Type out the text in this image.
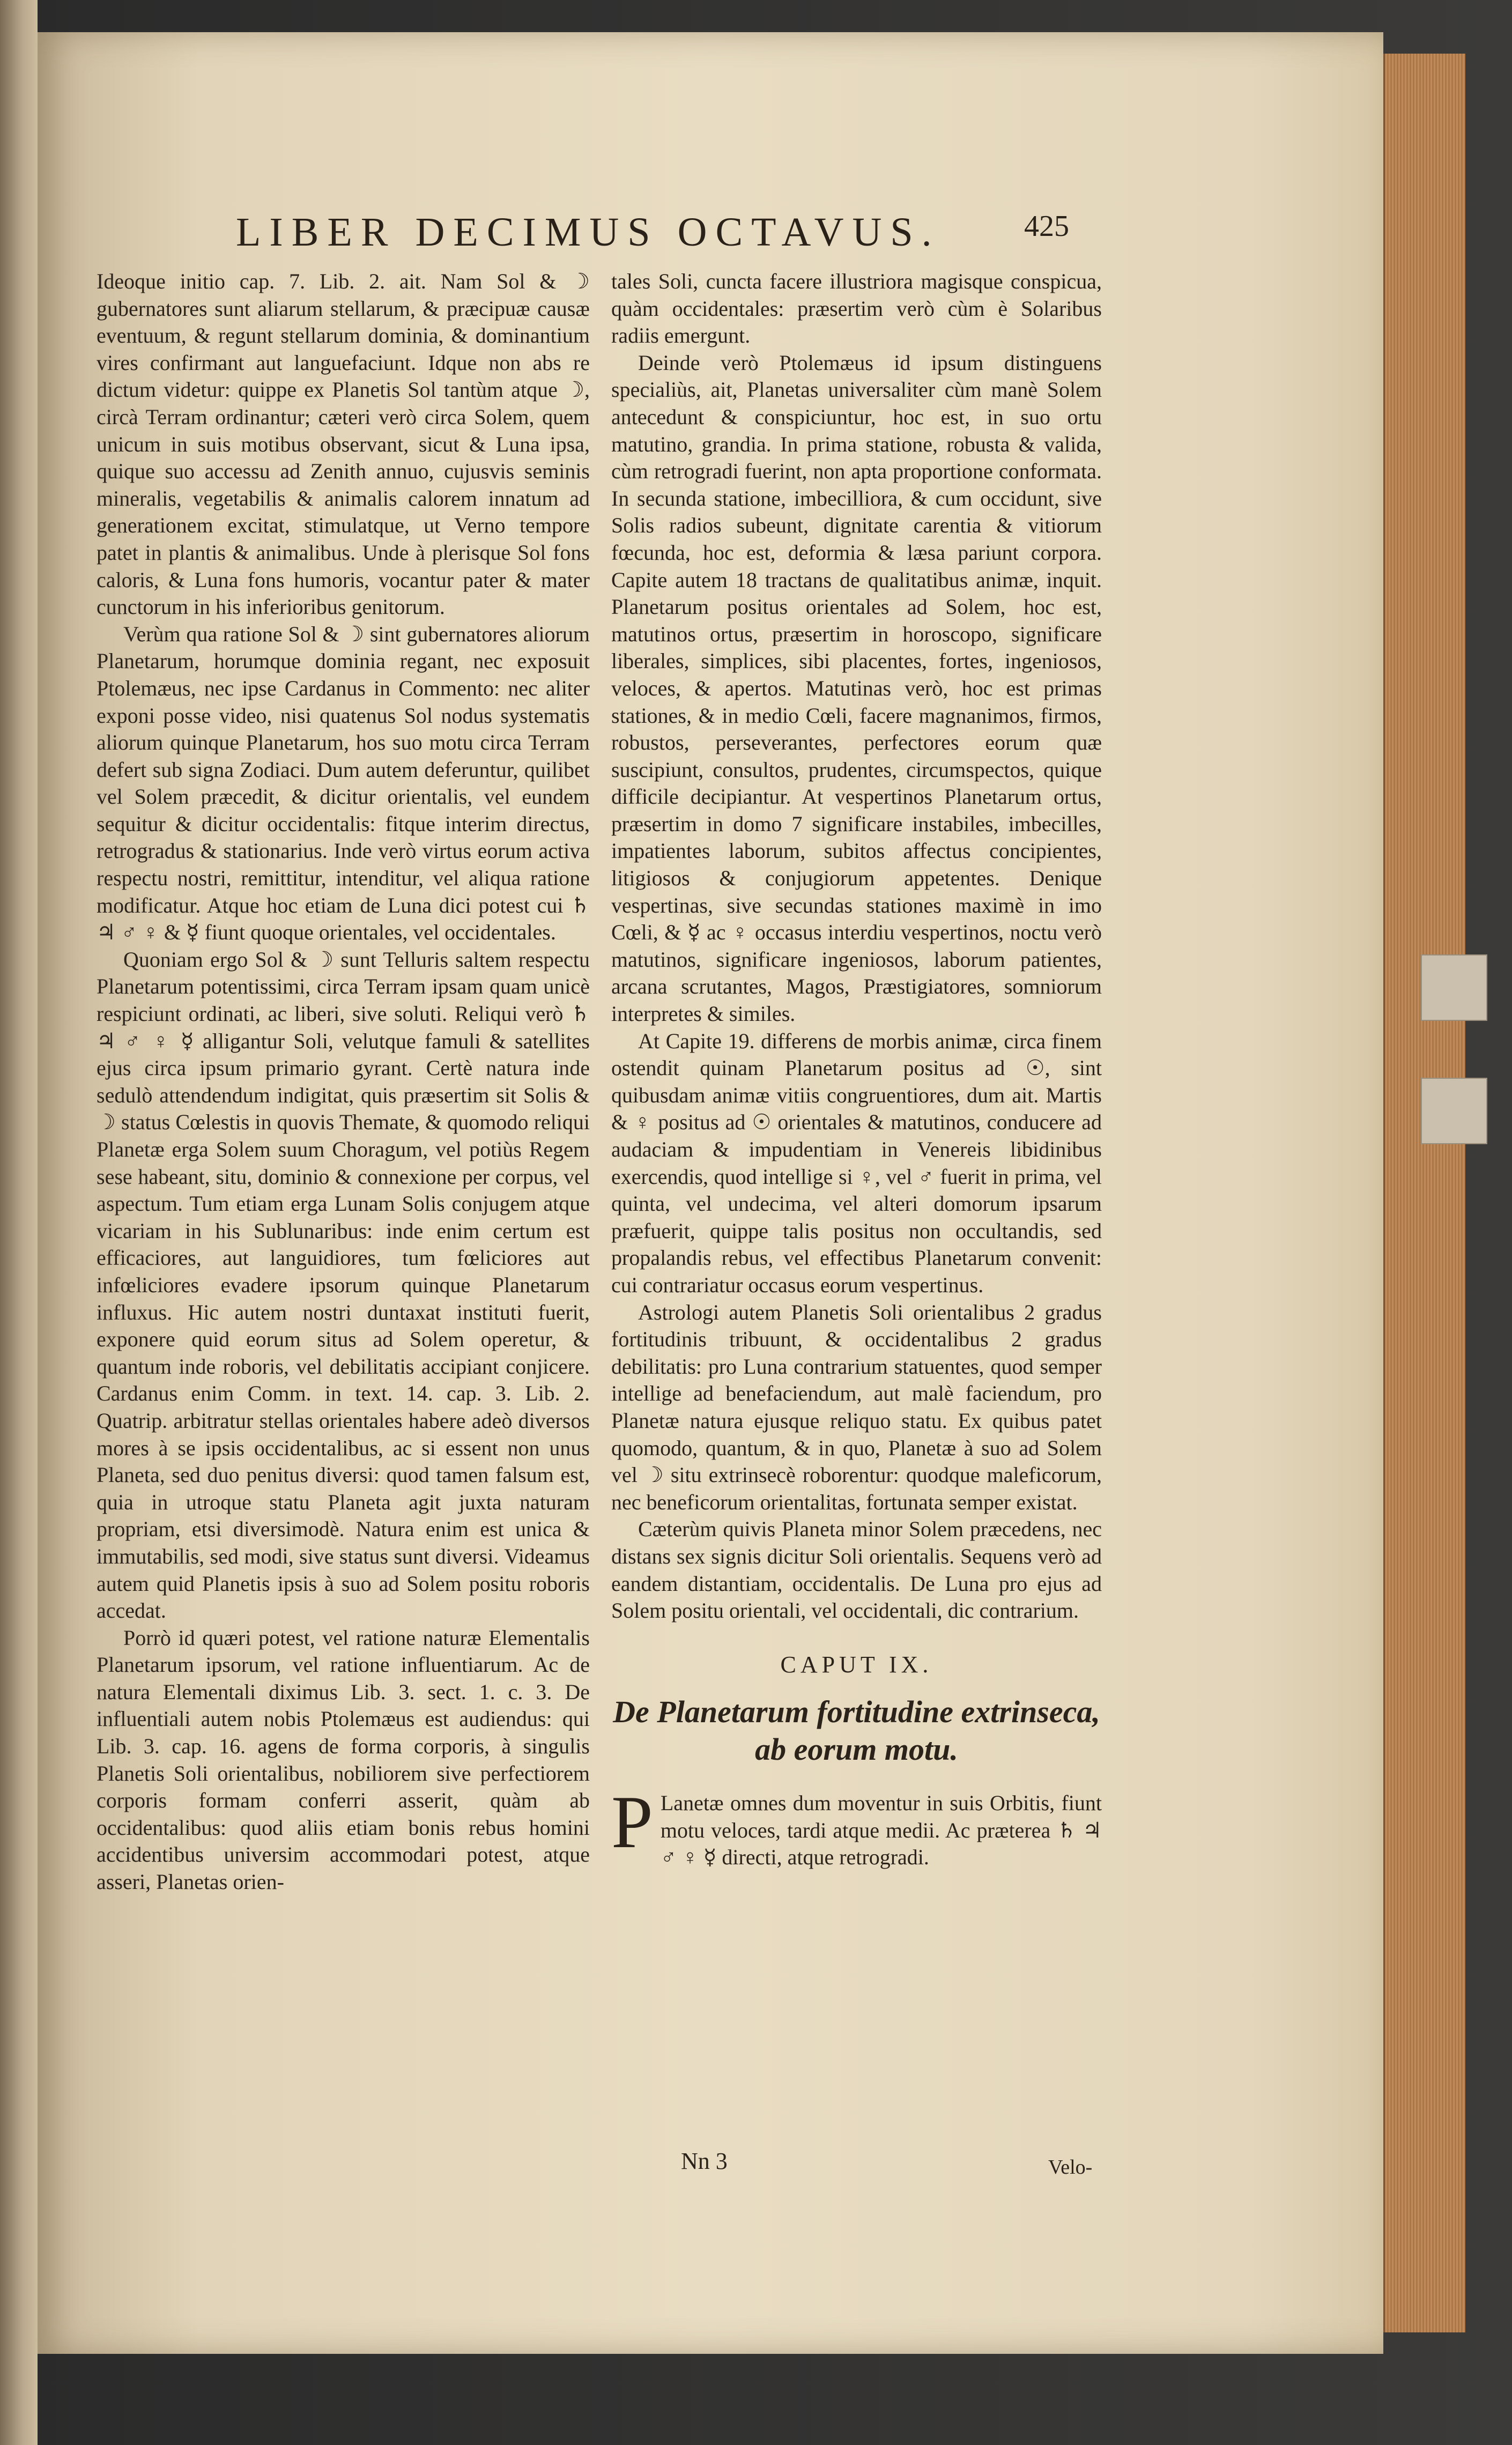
LIBER DECIMUS OCTAVUS.	425

Ideoque initio cap. 7. Lib. 2. ait. Nam Sol & ☽ gubernatores sunt aliarum stellarum, & præcipuæ causæ eventuum, & regunt stellarum dominia, & dominantium vires confirmant aut languefaciunt. Idque non abs re dictum videtur: quippe ex Planetis Sol tantùm atque ☽, circà Terram ordinantur; cæteri verò circa Solem, quem unicum in suis motibus observant, sicut & Luna ipsa, quique suo accessu ad Zenith annuo, cujusvis seminis mineralis, vegetabilis & animalis calorem innatum ad generationem excitat, stimulatque, ut Verno tempore patet in plantis & animalibus. Unde à plerisque Sol fons caloris, & Luna fons humoris, vocantur pater & mater cunctorum in his inferioribus genitorum.

Verùm qua ratione Sol & ☽ sint gubernatores aliorum Planetarum, horumque dominia regant, nec exposuit Ptolemæus, nec ipse Cardanus in Commento: nec aliter exponi posse video, nisi quatenus Sol nodus systematis aliorum quinque Planetarum, hos suo motu circa Terram defert sub signa Zodiaci. Dum autem deferuntur, quilibet vel Solem præcedit, & dicitur orientalis, vel eundem sequitur & dicitur occidentalis: fitque interim directus, retrogradus & stationarius. Inde verò virtus eorum activa respectu nostri, remittitur, intenditur, vel aliqua ratione modificatur. Atque hoc etiam de Luna dici potest cui ♄ ♃ ♂ ♀ & ☿ fiunt quoque orientales, vel occidentales.

Quoniam ergo Sol & ☽ sunt Telluris saltem respectu Planetarum potentissimi, circa Terram ipsam quam unicè respiciunt ordinati, ac liberi, sive soluti. Reliqui verò ♄ ♃ ♂ ♀ ☿ alligantur Soli, velutque famuli & satellites ejus circa ipsum primario gyrant. Certè natura inde sedulò attendendum indigitat, quis præsertim sit Solis & ☽ status Cœlestis in quovis Themate, & quomodo reliqui Planetæ erga Solem suum Choragum, vel potiùs Regem sese habeant, situ, dominio & connexione per corpus, vel aspectum. Tum etiam erga Lunam Solis conjugem atque vicariam in his Sublunaribus: inde enim certum est efficaciores, aut languidiores, tum fœliciores aut infœliciores evadere ipsorum quinque Planetarum influxus. Hic autem nostri duntaxat instituti fuerit, exponere quid eorum situs ad Solem operetur, & quantum inde roboris, vel debilitatis accipiant conjicere. Cardanus enim Comm. in text. 14. cap. 3. Lib. 2. Quatrip. arbitratur stellas orientales habere adeò diversos mores à se ipsis occidentalibus, ac si essent non unus Planeta, sed duo penitus diversi: quod tamen falsum est, quia in utroque statu Planeta agit juxta naturam propriam, etsi diversimodè. Natura enim est unica & immutabilis, sed modi, sive status sunt diversi. Videamus autem quid Planetis ipsis à suo ad Solem positu roboris accedat.

Porrò id quæri potest, vel ratione naturæ Elementalis Planetarum ipsorum, vel ratione influentiarum. Ac de natura Elementali diximus Lib. 3. sect. 1. c. 3. De influentiali autem nobis Ptolemæus est audiendus: qui Lib. 3. cap. 16. agens de forma corporis, à singulis Planetis Soli orientalibus, nobiliorem sive perfectiorem corporis formam conferri asserit, quàm ab occidentalibus: quod aliis etiam bonis rebus homini accidentibus universim accommodari potest, atque asseri, Planetas orien-

tales Soli, cuncta facere illustriora magisque conspicua, quàm occidentales: præsertim verò cùm è Solaribus radiis emergunt.

Deinde verò Ptolemæus id ipsum distinguens specialiùs, ait, Planetas universaliter cùm manè Solem antecedunt & conspiciuntur, hoc est, in suo ortu matutino, grandia. In prima statione, robusta & valida, cùm retrogradi fuerint, non apta proportione conformata. In secunda statione, imbecilliora, & cum occidunt, sive Solis radios subeunt, dignitate carentia & vitiorum fœcunda, hoc est, deformia & læsa pariunt corpora. Capite autem 18 tractans de qualitatibus animæ, inquit. Planetarum positus orientales ad Solem, hoc est, matutinos ortus, præsertim in horoscopo, significare liberales, simplices, sibi placentes, fortes, ingeniosos, veloces, & apertos. Matutinas verò, hoc est primas stationes, & in medio Cœli, facere magnanimos, firmos, robustos, perseverantes, perfectores eorum quæ suscipiunt, consultos, prudentes, circumspectos, quique difficile decipiantur. At vespertinos Planetarum ortus, præsertim in domo 7 significare instabiles, imbecilles, impatientes laborum, subitos affectus concipientes, litigiosos & conjugiorum appetentes. Denique vespertinas, sive secundas stationes maximè in imo Cœli, & ☿ ac ♀ occasus interdiu vespertinos, noctu verò matutinos, significare ingeniosos, laborum patientes, arcana scrutantes, Magos, Præstigiatores, somniorum interpretes & similes.

At Capite 19. differens de morbis animæ, circa finem ostendit quinam Planetarum positus ad ☉, sint quibusdam animæ vitiis congruentiores, dum ait. Martis & ♀ positus ad ☉ orientales & matutinos, conducere ad audaciam & impudentiam in Venereis libidinibus exercendis, quod intellige si ♀, vel ♂ fuerit in prima, vel quinta, vel undecima, vel alteri domorum ipsarum præfuerit, quippe talis positus non occultandis, sed propalandis rebus, vel effectibus Planetarum convenit: cui contrariatur occasus eorum vespertinus.

Astrologi autem Planetis Soli orientalibus 2 gradus fortitudinis tribuunt, & occidentalibus 2 gradus debilitatis: pro Luna contrarium statuentes, quod semper intellige ad benefaciendum, aut malè faciendum, pro Planetæ natura ejusque reliquo statu. Ex quibus patet quomodo, quantum, & in quo, Planetæ à suo ad Solem vel ☽ situ extrinsecè roborentur: quodque maleficorum, nec beneficorum orientalitas, fortunata semper existat.

Cæterùm quivis Planeta minor Solem præcedens, nec distans sex signis dicitur Soli orientalis. Sequens verò ad eandem distantiam, occidentalis. De Luna pro ejus ad Solem positu orientali, vel occidentali, dic contrarium.

CAPUT IX.
De Planetarum fortitudine extrinseca,
ab eorum motu.

P Lanetæ omnes dum moventur in suis Orbitis, fiunt motu veloces, tardi atque medii. Ac præterea ♄ ♃ ♂ ♀ ☿ directi, atque retrogradi.

Nn 3	Velo-
